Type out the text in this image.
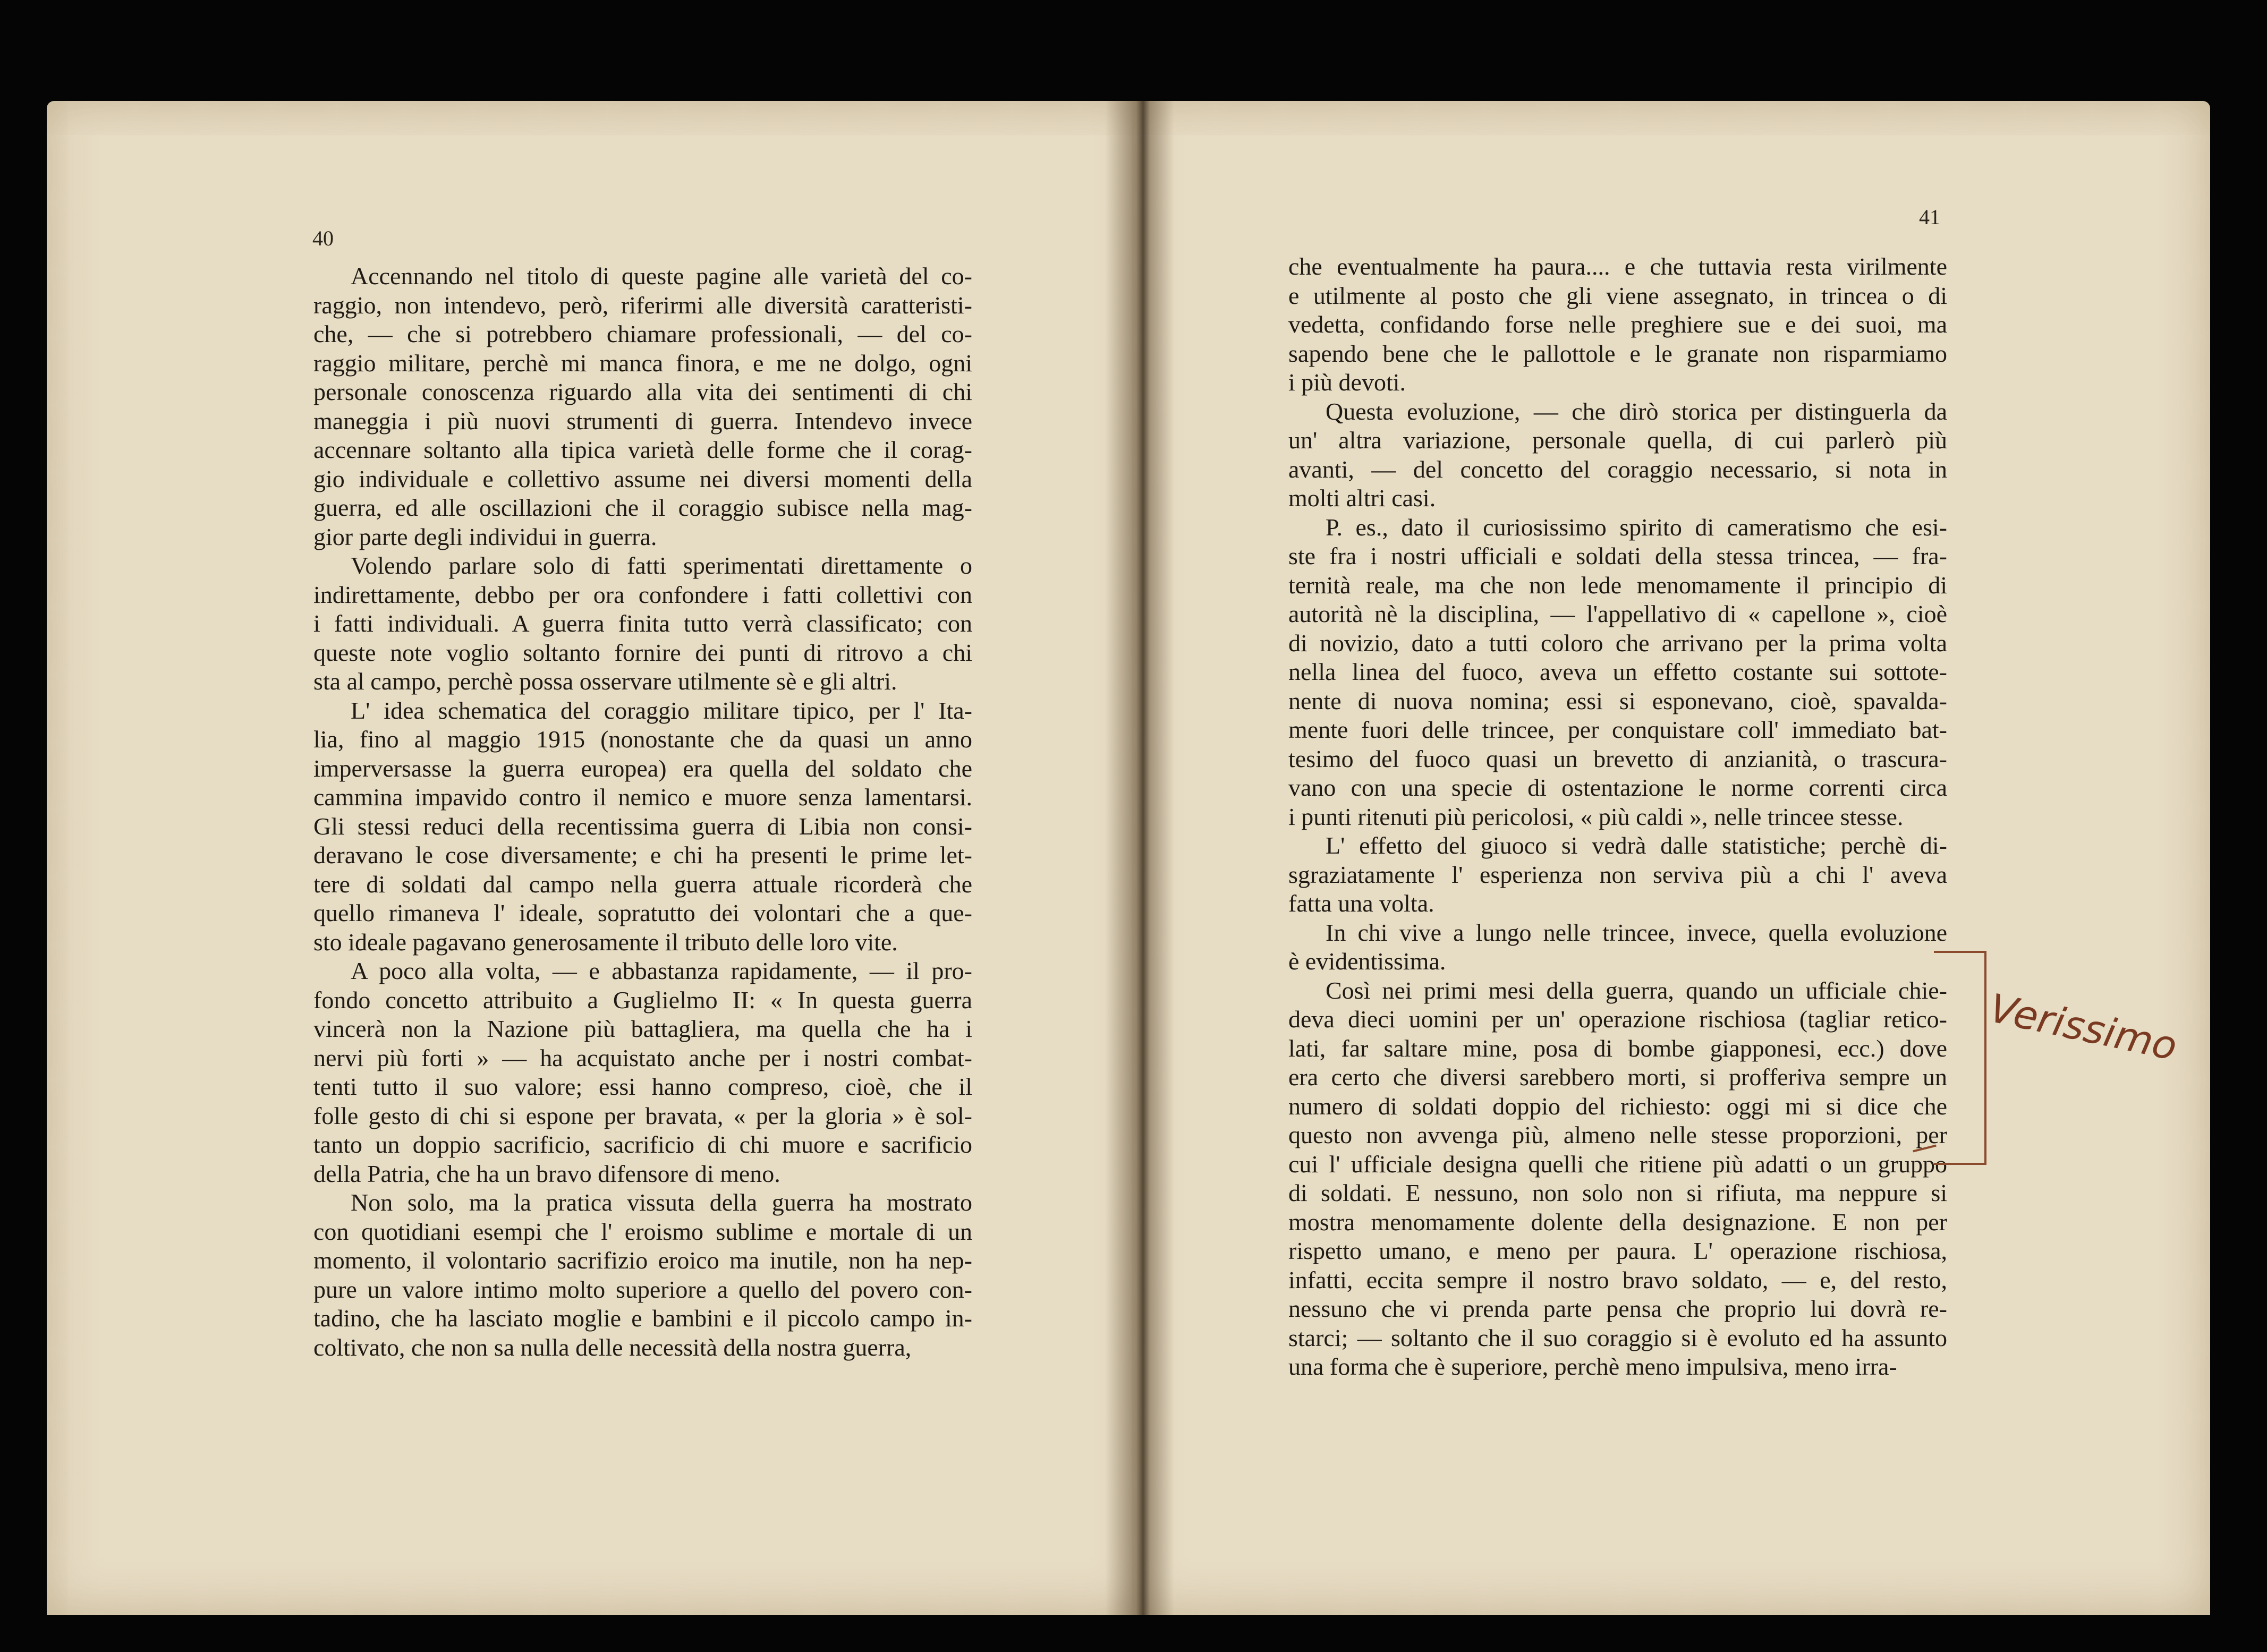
40
41
Accennando nel titolo di queste pagine alle varietà del co-
raggio, non intendevo, però, riferirmi alle diversità caratteristi-
che, — che si potrebbero chiamare professionali, — del co-
raggio militare, perchè mi manca finora, e me ne dolgo, ogni
personale conoscenza riguardo alla vita dei sentimenti di chi
maneggia i più nuovi strumenti di guerra. Intendevo invece
accennare soltanto alla tipica varietà delle forme che il corag-
gio individuale e collettivo assume nei diversi momenti della
guerra, ed alle oscillazioni che il coraggio subisce nella mag-
gior parte degli individui in guerra.
Volendo parlare solo di fatti sperimentati direttamente o
indirettamente, debbo per ora confondere i fatti collettivi con
i fatti individuali. A guerra finita tutto verrà classificato; con
queste note voglio soltanto fornire dei punti di ritrovo a chi
sta al campo, perchè possa osservare utilmente sè e gli altri.
L' idea schematica del coraggio militare tipico, per l' Ita-
lia, fino al maggio 1915 (nonostante che da quasi un anno
imperversasse la guerra europea) era quella del soldato che
cammina impavido contro il nemico e muore senza lamentarsi.
Gli stessi reduci della recentissima guerra di Libia non consi-
deravano le cose diversamente; e chi ha presenti le prime let-
tere di soldati dal campo nella guerra attuale ricorderà che
quello rimaneva l' ideale, sopratutto dei volontari che a que-
sto ideale pagavano generosamente il tributo delle loro vite.
A poco alla volta, — e abbastanza rapidamente, — il pro-
fondo concetto attribuito a Guglielmo II: « In questa guerra
vincerà non la Nazione più battagliera, ma quella che ha i
nervi più forti » — ha acquistato anche per i nostri combat-
tenti tutto il suo valore; essi hanno compreso, cioè, che il
folle gesto di chi si espone per bravata, « per la gloria » è sol-
tanto un doppio sacrificio, sacrificio di chi muore e sacrificio
della Patria, che ha un bravo difensore di meno.
Non solo, ma la pratica vissuta della guerra ha mostrato
con quotidiani esempi che l' eroismo sublime e mortale di un
momento, il volontario sacrifizio eroico ma inutile, non ha nep-
pure un valore intimo molto superiore a quello del povero con-
tadino, che ha lasciato moglie e bambini e il piccolo campo in-
coltivato, che non sa nulla delle necessità della nostra guerra,
che eventualmente ha paura.... e che tuttavia resta virilmente
e utilmente al posto che gli viene assegnato, in trincea o di
vedetta, confidando forse nelle preghiere sue e dei suoi, ma
sapendo bene che le pallottole e le granate non risparmiamo
i più devoti.
Questa evoluzione, — che dirò storica per distinguerla da
un' altra variazione, personale quella, di cui parlerò più
avanti, — del concetto del coraggio necessario, si nota in
molti altri casi.
P. es., dato il curiosissimo spirito di cameratismo che esi-
ste fra i nostri ufficiali e soldati della stessa trincea, — fra-
ternità reale, ma che non lede menomamente il principio di
autorità nè la disciplina, — l'appellativo di « capellone », cioè
di novizio, dato a tutti coloro che arrivano per la prima volta
nella linea del fuoco, aveva un effetto costante sui sottote-
nente di nuova nomina; essi si esponevano, cioè, spavalda-
mente fuori delle trincee, per conquistare coll' immediato bat-
tesimo del fuoco quasi un brevetto di anzianità, o trascura-
vano con una specie di ostentazione le norme correnti circa
i punti ritenuti più pericolosi, « più caldi », nelle trincee stesse.
L' effetto del giuoco si vedrà dalle statistiche; perchè di-
sgraziatamente l' esperienza non serviva più a chi l' aveva
fatta una volta.
In chi vive a lungo nelle trincee, invece, quella evoluzione
è evidentissima.
Così nei primi mesi della guerra, quando un ufficiale chie-
deva dieci uomini per un' operazione rischiosa (tagliar retico-
lati, far saltare mine, posa di bombe giapponesi, ecc.) dove
era certo che diversi sarebbero morti, si profferiva sempre un
numero di soldati doppio del richiesto: oggi mi si dice che
questo non avvenga più, almeno nelle stesse proporzioni, per
cui l' ufficiale designa quelli che ritiene più adatti o un gruppo
di soldati. E nessuno, non solo non si rifiuta, ma neppure si
mostra menomamente dolente della designazione. E non per
rispetto umano, e meno per paura. L' operazione rischiosa,
infatti, eccita sempre il nostro bravo soldato, — e, del resto,
nessuno che vi prenda parte pensa che proprio lui dovrà re-
starci; — soltanto che il suo coraggio si è evoluto ed ha assunto
una forma che è superiore, perchè meno impulsiva, meno irra-
Verissimo
